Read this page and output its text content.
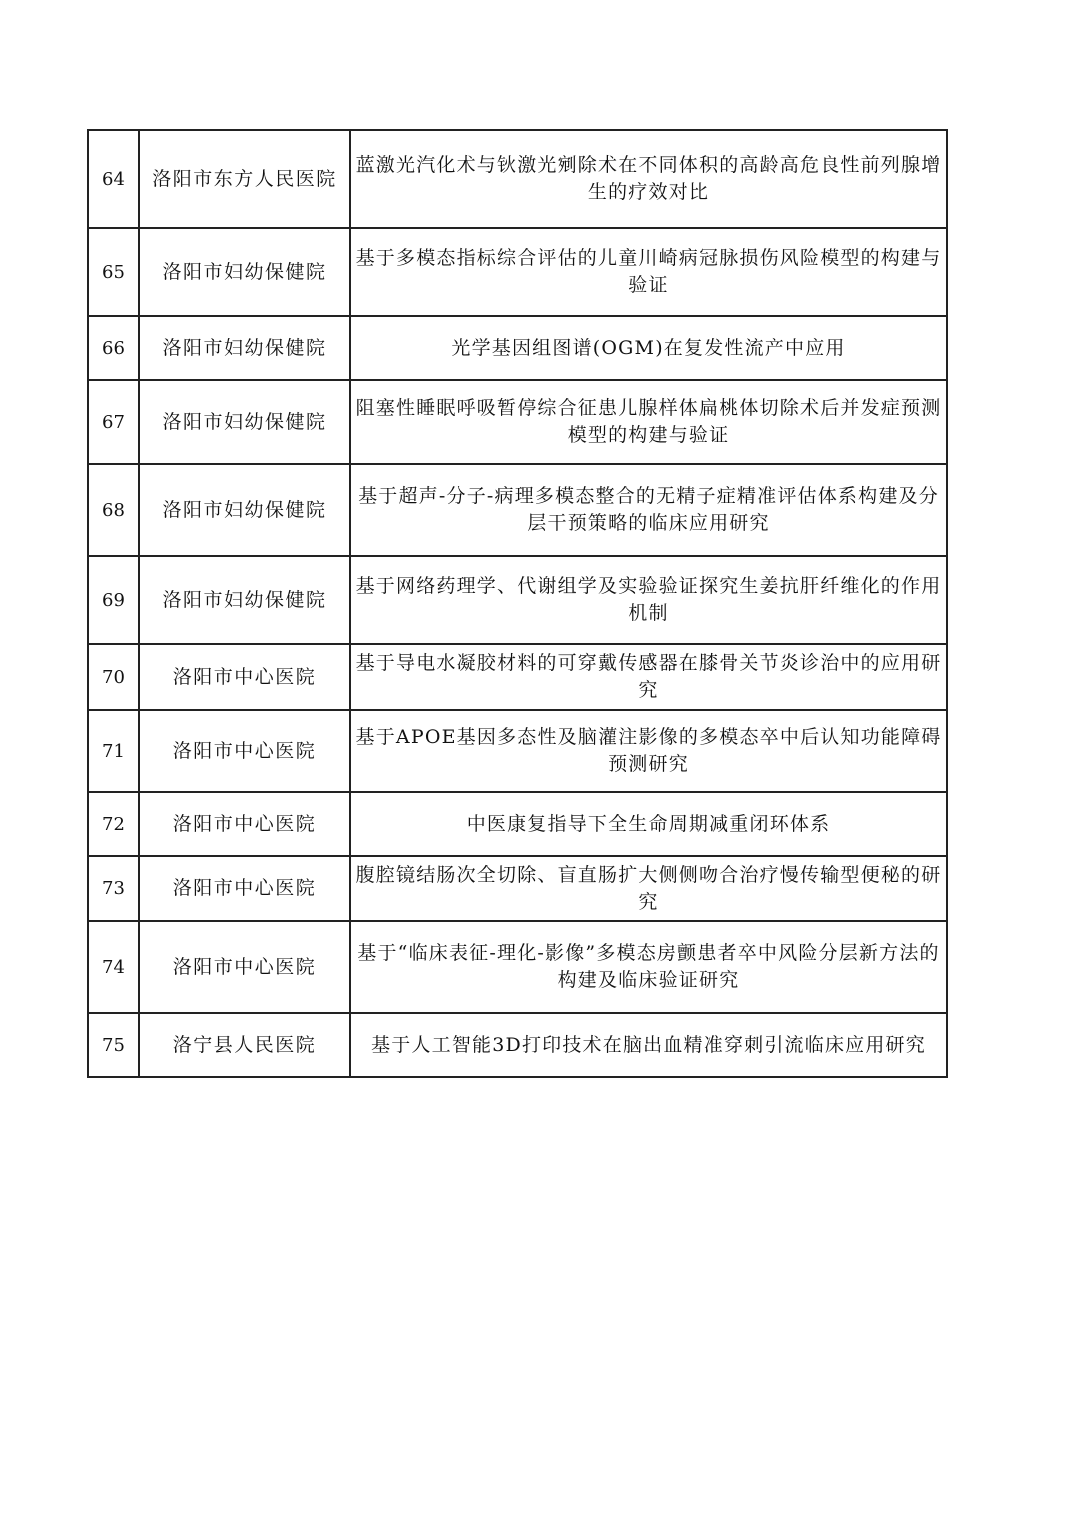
64	洛阳市东方人民医院	蓝激光汽化术与钬激光剜除术在不同体积的高龄高危良性前列腺增生的疗效对比
65	洛阳市妇幼保健院	基于多模态指标综合评估的儿童川崎病冠脉损伤风险模型的构建与验证
66	洛阳市妇幼保健院	光学基因组图谱(OGM)在复发性流产中应用
67	洛阳市妇幼保健院	阻塞性睡眠呼吸暂停综合征患儿腺样体扁桃体切除术后并发症预测模型的构建与验证
68	洛阳市妇幼保健院	基于超声-分子-病理多模态整合的无精子症精准评估体系构建及分层干预策略的临床应用研究
69	洛阳市妇幼保健院	基于网络药理学、代谢组学及实验验证探究生姜抗肝纤维化的作用机制
70	洛阳市中心医院	基于导电水凝胶材料的可穿戴传感器在膝骨关节炎诊治中的应用研究
71	洛阳市中心医院	基于APOE基因多态性及脑灌注影像的多模态卒中后认知功能障碍预测研究
72	洛阳市中心医院	中医康复指导下全生命周期减重闭环体系
73	洛阳市中心医院	腹腔镜结肠次全切除、盲直肠扩大侧侧吻合治疗慢传输型便秘的研究
74	洛阳市中心医院	基于“临床表征-理化-影像”多模态房颤患者卒中风险分层新方法的构建及临床验证研究
75	洛宁县人民医院	基于人工智能3D打印技术在脑出血精准穿刺引流临床应用研究
